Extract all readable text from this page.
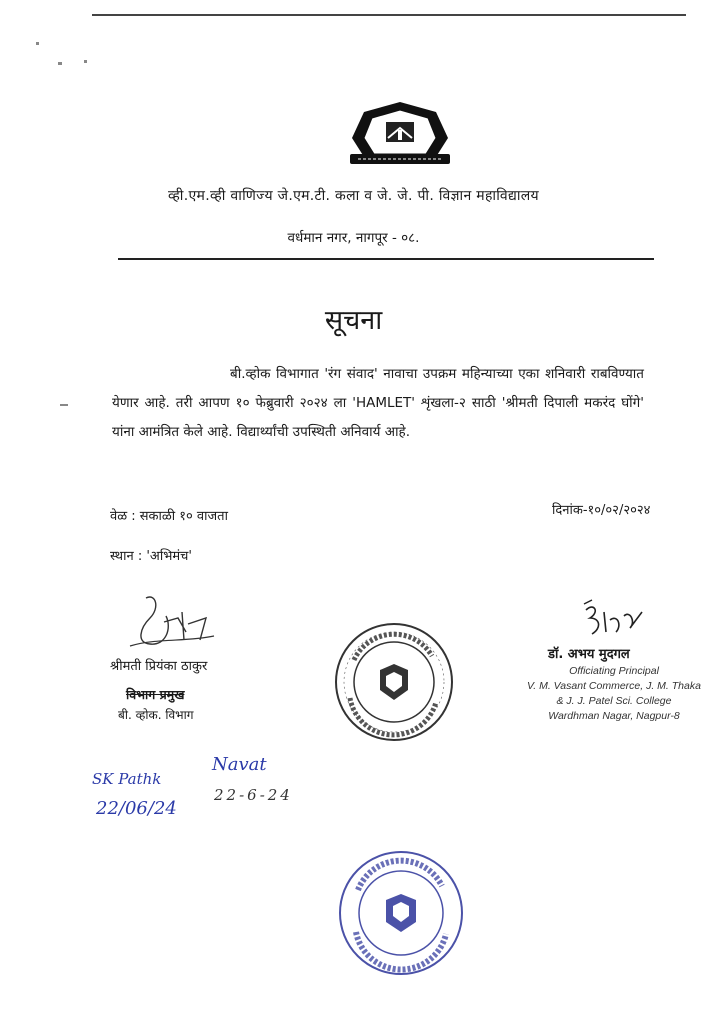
व्ही.एम.व्ही वाणिज्य जे.एम.टी. कला व जे. जे. पी. विज्ञान महाविद्यालय
वर्धमान नगर, नागपूर - ०८.
सूचना
बी.व्होक विभागात 'रंग संवाद' नावाचा उपक्रम महिन्याच्या एका शनिवारी राबविण्यात येणार आहे. तरी आपण १० फेब्रुवारी २०२४ ला 'HAMLET' शृंखला-२ साठी 'श्रीमती दिपाली मकरंद घोंगे' यांना आमंत्रित केले आहे. विद्यार्थ्यांची उपस्थिती अनिवार्य आहे.
दिनांक-१०/०२/२०२४
वेळ : सकाळी १० वाजता
स्थान : 'अभिमंच'
श्रीमती प्रियंका ठाकुर
विभाग प्रमुख
बी. व्होक. विभाग
डॉ. अभय मुदगल
Officiating Principal
V. M. Vasant Commerce, J. M. Thaka
& J. J. Patel Sci. College
Wardhman Nagar, Nagpur-8
SK Pathk
22/06/24
Navat
22-6-24
